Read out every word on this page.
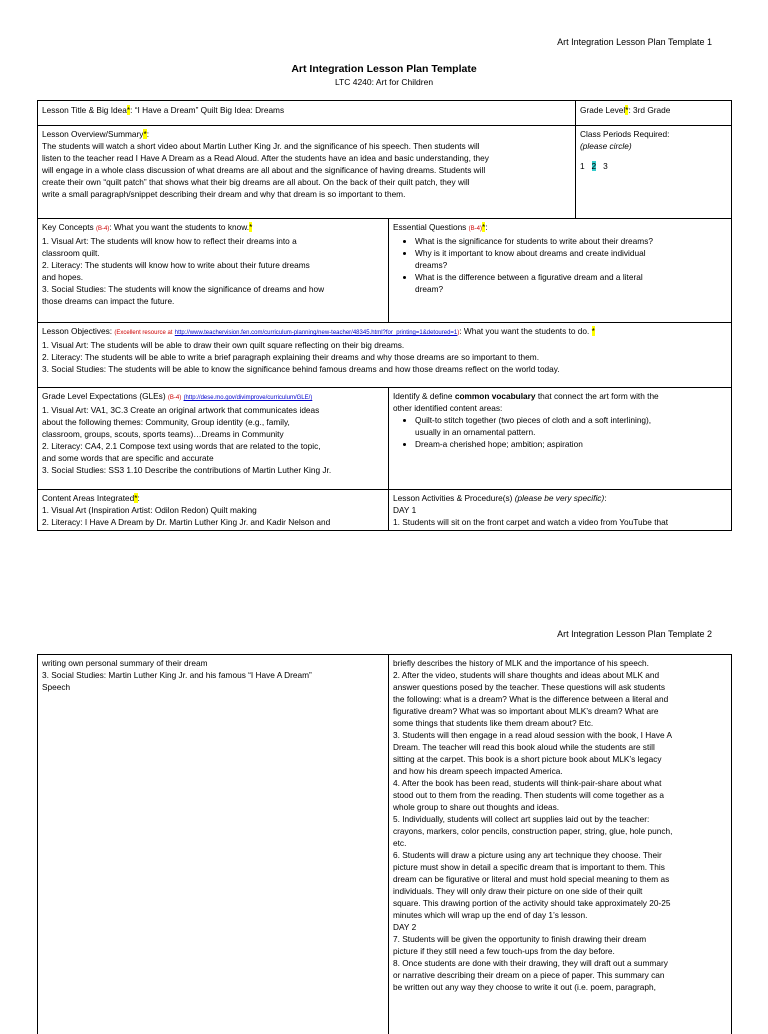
Art Integration Lesson Plan Template 1
Art Integration Lesson Plan Template
LTC 4240: Art for Children
Lesson Title & Big Idea*: “I Have a Dream” Quilt Big Idea: Dreams	Grade Level*: 3rd Grade
Lesson Overview/Summary*:
The students will watch a short video about Martin Luther King Jr. and the significance of his speech. Then students will
listen to the teacher read I Have A Dream as a Read Aloud. After the students have an idea and basic understanding, they
will engage in a whole class discussion of what dreams are all about and the significance of having dreams. Students will
create their own “quilt patch” that shows what their big dreams are all about. On the back of their quilt patch, they will
write a small paragraph/snippet describing their dream and why that dream is so important to them.
Class Periods Required:
(please circle)
1 2 3
Key Concepts (B-4): What you want the students to know.*
1. Visual Art: The students will know how to reflect their dreams into a
classroom quilt.
2. Literacy: The students will know how to write about their future dreams
and hopes.
3. Social Studies: The students will know the significance of dreams and how
those dreams can impact the future.
Essential Questions (B-4)*:
• What is the significance for students to write about their dreams?
• Why is it important to know about dreams and create individual
dreams?
• What is the difference between a figurative dream and a literal
dream?
Lesson Objectives: (Excellent resource at http://www.teachervision.fen.com/curriculum-planning/new-teacher/48345.html?for_printing=1&detoured=1): What you want the students to do. *
1. Visual Art: The students will be able to draw their own quilt square reflecting on their big dreams.
2. Literacy: The students will be able to write a brief paragraph explaining their dreams and why those dreams are so important to them.
3. Social Studies: The students will be able to know the significance behind famous dreams and how those dreams reflect on the world today.
Grade Level Expectations (GLEs) (B-4) (http://dese.mo.gov/divimprove/curriculum/GLE/)
1. Visual Art: VA1, 3C.3 Create an original artwork that communicates ideas
about the following themes: Community, Group identity (e.g., family,
classroom, groups, scouts, sports teams)…Dreams in Community
2. Literacy: CA4, 2.1 Compose text using words that are related to the topic,
and some words that are specific and accurate
3. Social Studies: SS3 1.10 Describe the contributions of Martin Luther King Jr.
Identify & define common vocabulary that connect the art form with the
other identified content areas:
• Quilt-to stitch together (two pieces of cloth and a soft interlining),
usually in an ornamental pattern.
• Dream-a cherished hope; ambition; aspiration
Content Areas Integrated*:
1. Visual Art (Inspiration Artist: Odilon Redon) Quilt making
2. Literacy: I Have A Dream by Dr. Martin Luther King Jr. and Kadir Nelson and
Lesson Activities & Procedure(s) (please be very specific):
DAY 1
1. Students will sit on the front carpet and watch a video from YouTube that
Art Integration Lesson Plan Template 2
writing own personal summary of their dream
3. Social Studies: Martin Luther King Jr. and his famous “I Have A Dream”
Speech
briefly describes the history of MLK and the importance of his speech.
2. After the video, students will share thoughts and ideas about MLK and
answer questions posed by the teacher. These questions will ask students
the following: what is a dream? What is the difference between a literal and
figurative dream? What was so important about MLK’s dream? What are
some things that students like them dream about? Etc.
3. Students will then engage in a read aloud session with the book, I Have A
Dream. The teacher will read this book aloud while the students are still
sitting at the carpet. This book is a short picture book about MLK’s legacy
and how his dream speech impacted America.
4. After the book has been read, students will think-pair-share about what
stood out to them from the reading. Then students will come together as a
whole group to share out thoughts and ideas.
5. Individually, students will collect art supplies laid out by the teacher:
crayons, markers, color pencils, construction paper, string, glue, hole punch,
etc.
6. Students will draw a picture using any art technique they choose. Their
picture must show in detail a specific dream that is important to them. This
dream can be figurative or literal and must hold special meaning to them as
individuals. They will only draw their picture on one side of their quilt
square. This drawing portion of the activity should take approximately 20-25
minutes which will wrap up the end of day 1’s lesson.
DAY 2
7. Students will be given the opportunity to finish drawing their dream
picture if they still need a few touch-ups from the day before.
8. Once students are done with their drawing, they will draft out a summary
or narrative describing their dream on a piece of paper. This summary can
be written out any way they choose to write it out (i.e. poem, paragraph,
